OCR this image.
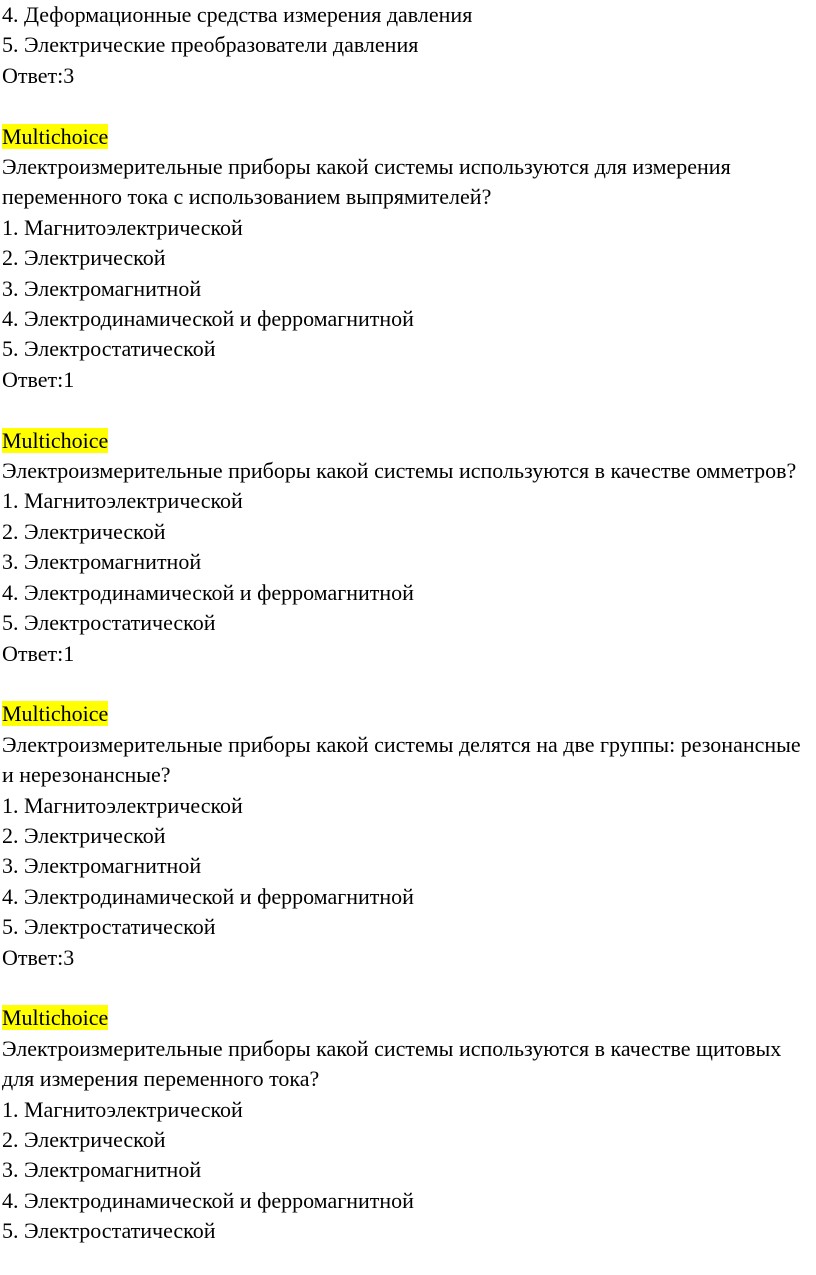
4. Деформационные средства измерения давления
5. Электрические преобразователи давления
Ответ:3
Multichoice
Электроизмерительные приборы какой системы используются для измерения переменного тока с использованием выпрямителей?
1. Магнитоэлектрической
2. Электрической
3. Электромагнитной
4. Электродинамической и ферромагнитной
5. Электростатической
Ответ:1
Multichoice
Электроизмерительные приборы какой системы используются в качестве омметров?
1. Магнитоэлектрической
2. Электрической
3. Электромагнитной
4. Электродинамической и ферромагнитной
5. Электростатической
Ответ:1
Multichoice
Электроизмерительные приборы какой системы делятся на две группы: резонансные и нерезонансные?
1. Магнитоэлектрической
2. Электрической
3. Электромагнитной
4. Электродинамической и ферромагнитной
5. Электростатической
Ответ:3
Multichoice
Электроизмерительные приборы какой системы используются в качестве щитовых для измерения переменного тока?
1. Магнитоэлектрической
2. Электрической
3. Электромагнитной
4. Электродинамической и ферромагнитной
5. Электростатической
